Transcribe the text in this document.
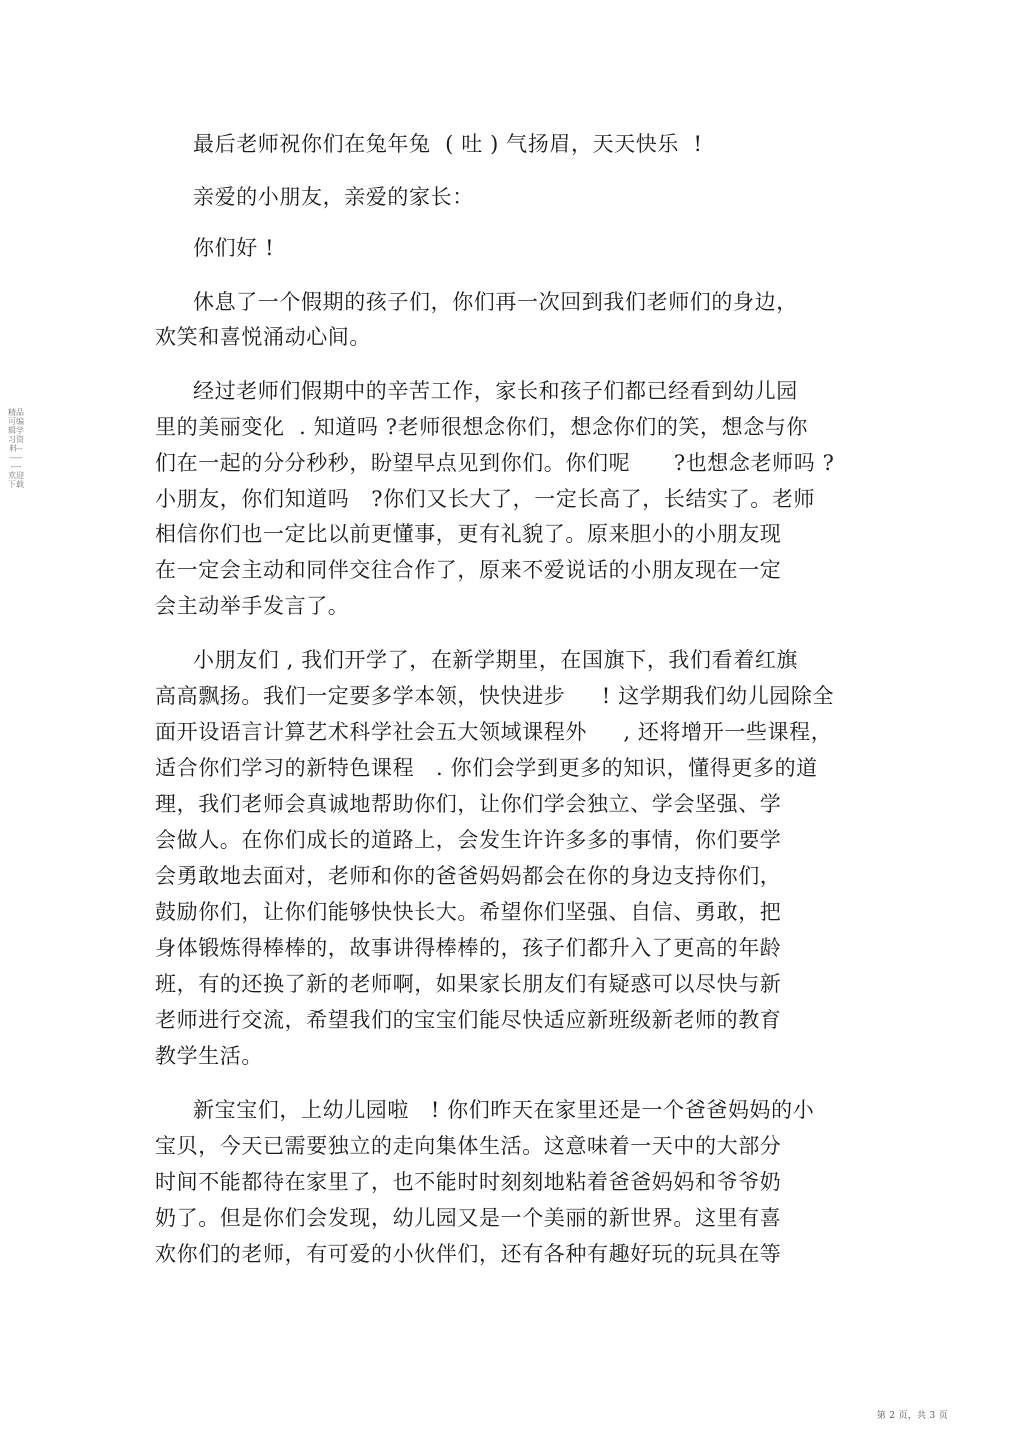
精品可编辑学习资料-----------欢迎下载
最后老师祝你们在兔年兔  ( 吐 ) 气扬眉，天天快乐  !
亲爱的小朋友，亲爱的家长：
你们好 !
休息了一个假期的孩子们，你们再一次回到我们老师们的身边，
欢笑和喜悦涌动心间。
经过老师们假期中的辛苦工作，家长和孩子们都已经看到幼儿园
里的美丽变化  . 知道吗 ?老师很想念你们，想念你们的笑，想念与你
们在一起的分分秒秒，盼望早点见到你们。你们呢      ?也想念老师吗 ?
小朋友，你们知道吗   ?你们又长大了，一定长高了，长结实了。老师
相信你们也一定比以前更懂事，更有礼貌了。原来胆小的小朋友现
在一定会主动和同伴交往合作了，原来不爱说话的小朋友现在一定
会主动举手发言了。
小朋友们 , 我们开学了，在新学期里，在国旗下，我们看着红旗
高高飘扬。我们一定要多学本领，快快进步     ! 这学期我们幼儿园除全
面开设语言计算艺术科学社会五大领域课程外     , 还将增开一些课程，
适合你们学习的新特色课程   . 你们会学到更多的知识，懂得更多的道
理，我们老师会真诚地帮助你们，让你们学会独立、学会坚强、学
会做人。在你们成长的道路上，会发生许许多多的事情，你们要学
会勇敢地去面对，老师和你的爸爸妈妈都会在你的身边支持你们，
鼓励你们，让你们能够快快长大。希望你们坚强、自信、勇敢，把
身体锻炼得棒棒的，故事讲得棒棒的，孩子们都升入了更高的年龄
班，有的还换了新的老师啊，如果家长朋友们有疑惑可以尽快与新
老师进行交流，希望我们的宝宝们能尽快适应新班级新老师的教育
教学生活。
新宝宝们，上幼儿园啦   ! 你们昨天在家里还是一个爸爸妈妈的小
宝贝，今天已需要独立的走向集体生活。这意味着一天中的大部分
时间不能都待在家里了，也不能时时刻刻地粘着爸爸妈妈和爷爷奶
奶了。但是你们会发现，幼儿园又是一个美丽的新世界。这里有喜
欢你们的老师，有可爱的小伙伴们，还有各种有趣好玩的玩具在等
第 2 页，共 3 页
